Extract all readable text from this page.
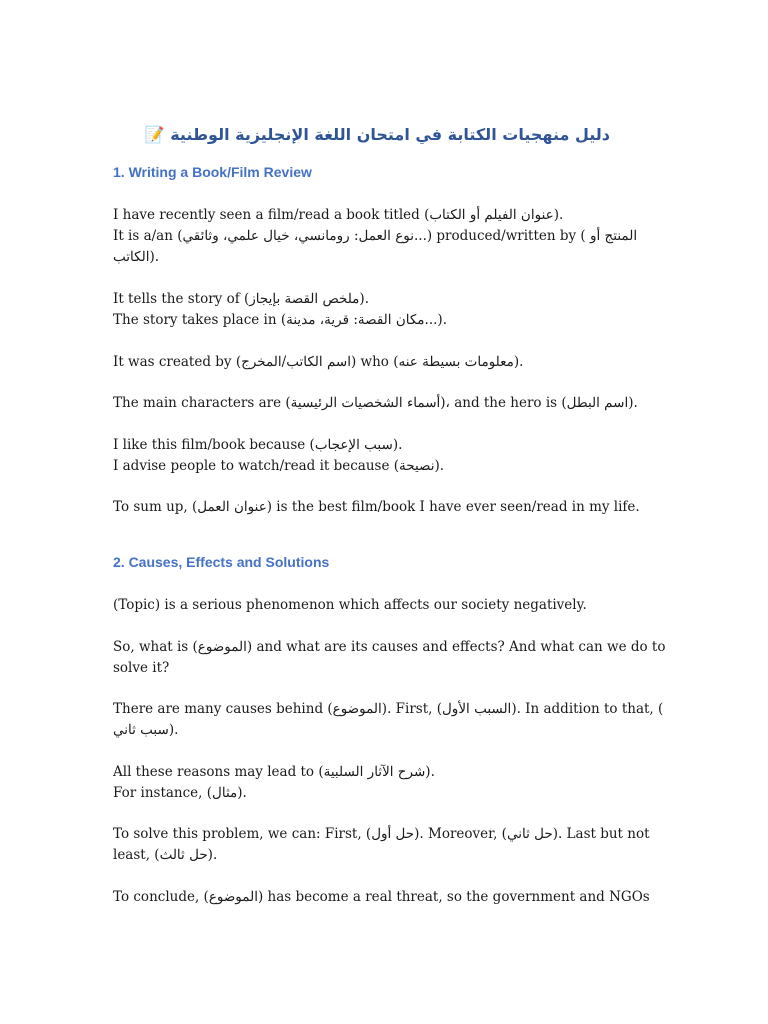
دليل منهجيات الكتابة في امتحان اللغة الإنجليزية الوطنية 📝
1. Writing a Book/Film Review
I have recently seen a film/read a book titled (عنوان الفيلم أو الكتاب).
It is a/an (نوع العمل: رومانسي، خيال علمي، وثائقي...) produced/written by ( المنتج أو
الكاتب).
It tells the story of (ملخص القصة بإيجاز).
The story takes place in (مكان القصة: قرية، مدينة...).
It was created by (اسم الكاتب/المخرج) who (معلومات بسيطة عنه).
The main characters are (أسماء الشخصيات الرئيسية)، and the hero is (اسم البطل).
I like this film/book because (سبب الإعجاب).
I advise people to watch/read it because (نصيحة).
To sum up, (عنوان العمل) is the best film/book I have ever seen/read in my life.
2. Causes, Effects and Solutions
(Topic) is a serious phenomenon which affects our society negatively.
So, what is (الموضوع) and what are its causes and effects? And what can we do to
solve it?
There are many causes behind (الموضوع). First, (السبب الأول). In addition to that, (
سبب ثاني).
All these reasons may lead to (شرح الآثار السلبية).
For instance, (مثال).
To solve this problem, we can: First, (حل أول). Moreover, (حل ثاني). Last but not
least, (حل ثالث).
To conclude, (الموضوع) has become a real threat, so the government and NGOs
